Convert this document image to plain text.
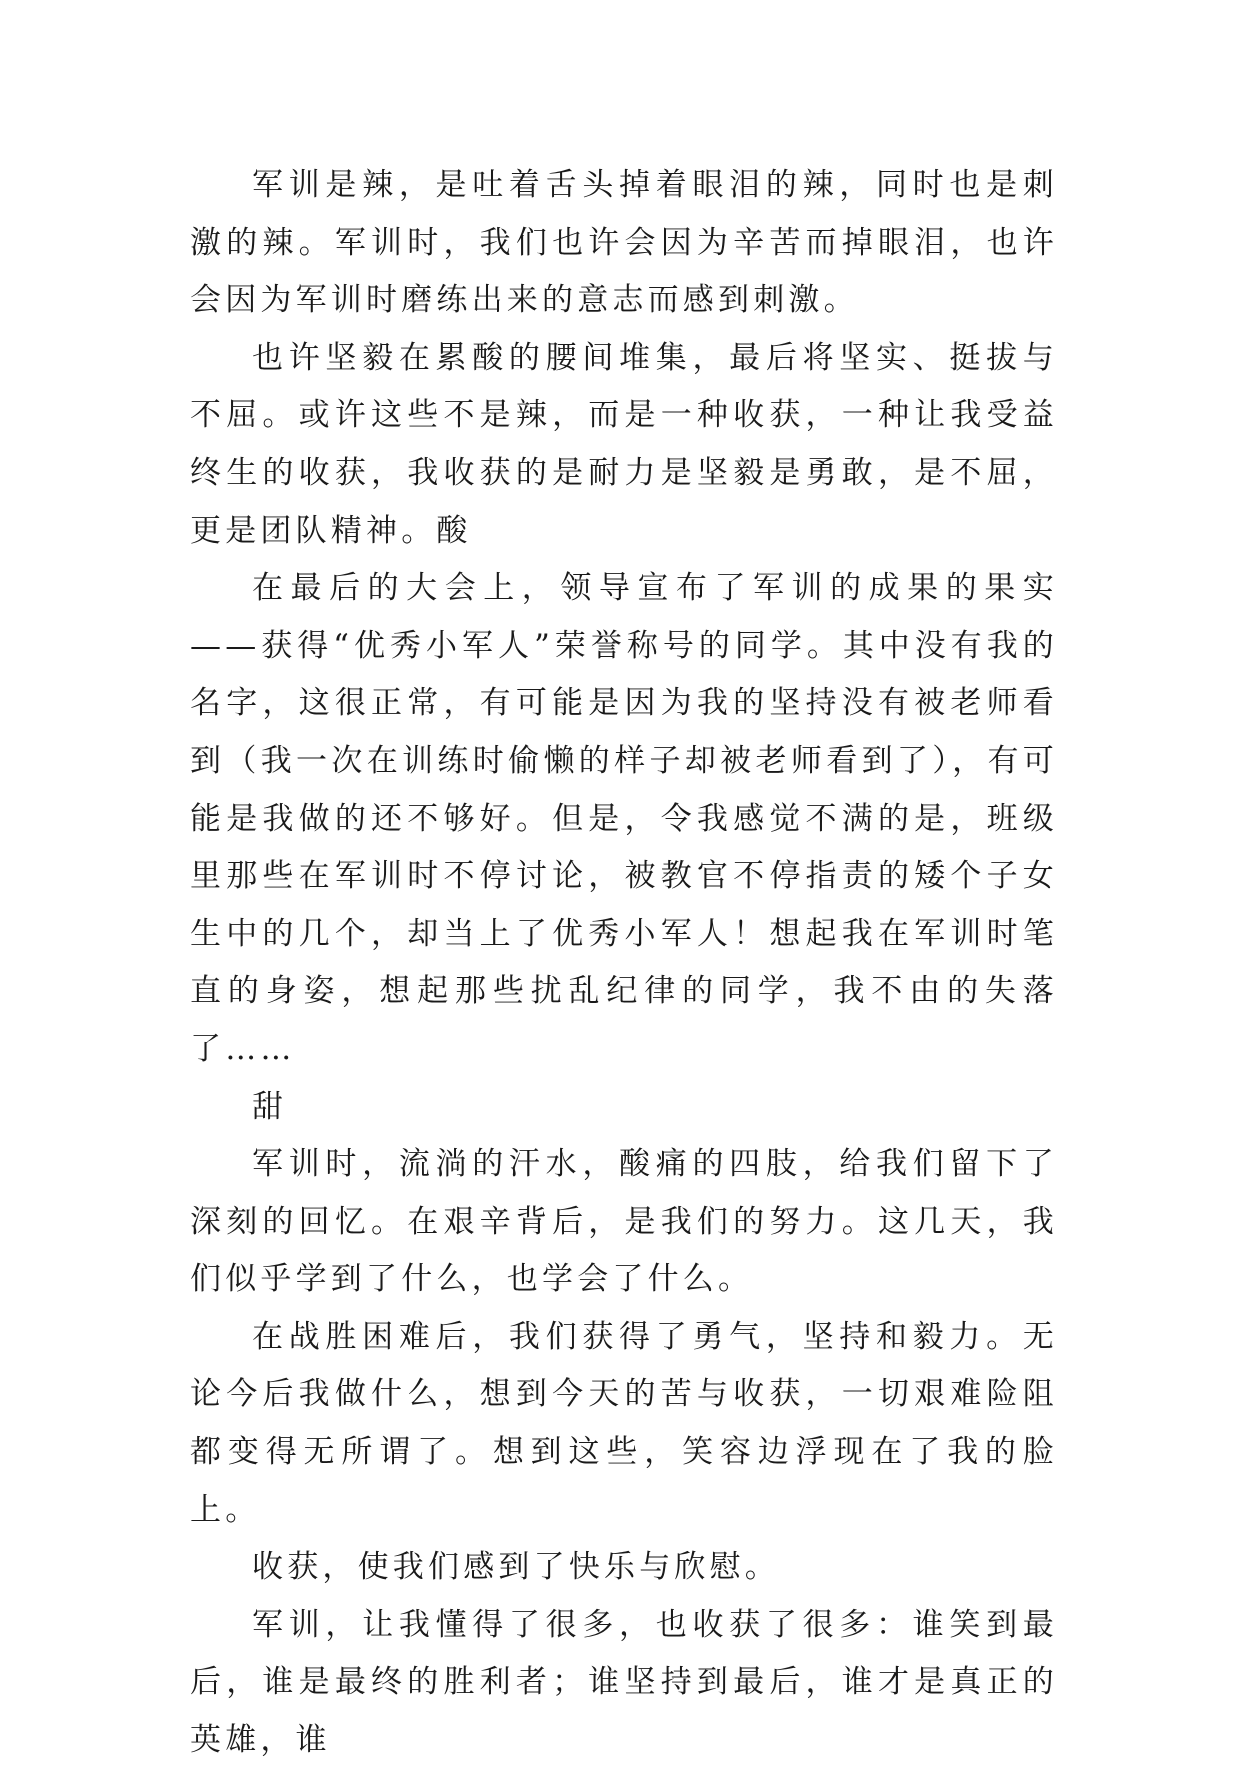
军训是辣，是吐着舌头掉着眼泪的辣，同时也是刺激的辣。军训时，我们也许会因为辛苦而掉眼泪，也许会因为军训时磨练出来的意志而感到刺激。

也许坚毅在累酸的腰间堆集，最后将坚实、挺拔与不屈。或许这些不是辣，而是一种收获，一种让我受益终生的收获，我收获的是耐力是坚毅是勇敢，是不屈，更是团队精神。酸

在最后的大会上，领导宣布了军训的成果的果实——获得“优秀小军人”荣誉称号的同学。其中没有我的名字，这很正常，有可能是因为我的坚持没有被老师看到（我一次在训练时偷懒的样子却被老师看到了），有可能是我做的还不够好。但是，令我感觉不满的是，班级里那些在军训时不停讨论，被教官不停指责的矮个子女生中的几个，却当上了优秀小军人！想起我在军训时笔直的身姿，想起那些扰乱纪律的同学，我不由的失落了……

甜

军训时，流淌的汗水，酸痛的四肢，给我们留下了深刻的回忆。在艰辛背后，是我们的努力。这几天，我们似乎学到了什么，也学会了什么。

在战胜困难后，我们获得了勇气，坚持和毅力。无论今后我做什么，想到今天的苦与收获，一切艰难险阻都变得无所谓了。想到这些，笑容边浮现在了我的脸上。

收获，使我们感到了快乐与欣慰。

军训，让我懂得了很多，也收获了很多：谁笑到最后，谁是最终的胜利者；谁坚持到最后，谁才是真正的英雄，谁
